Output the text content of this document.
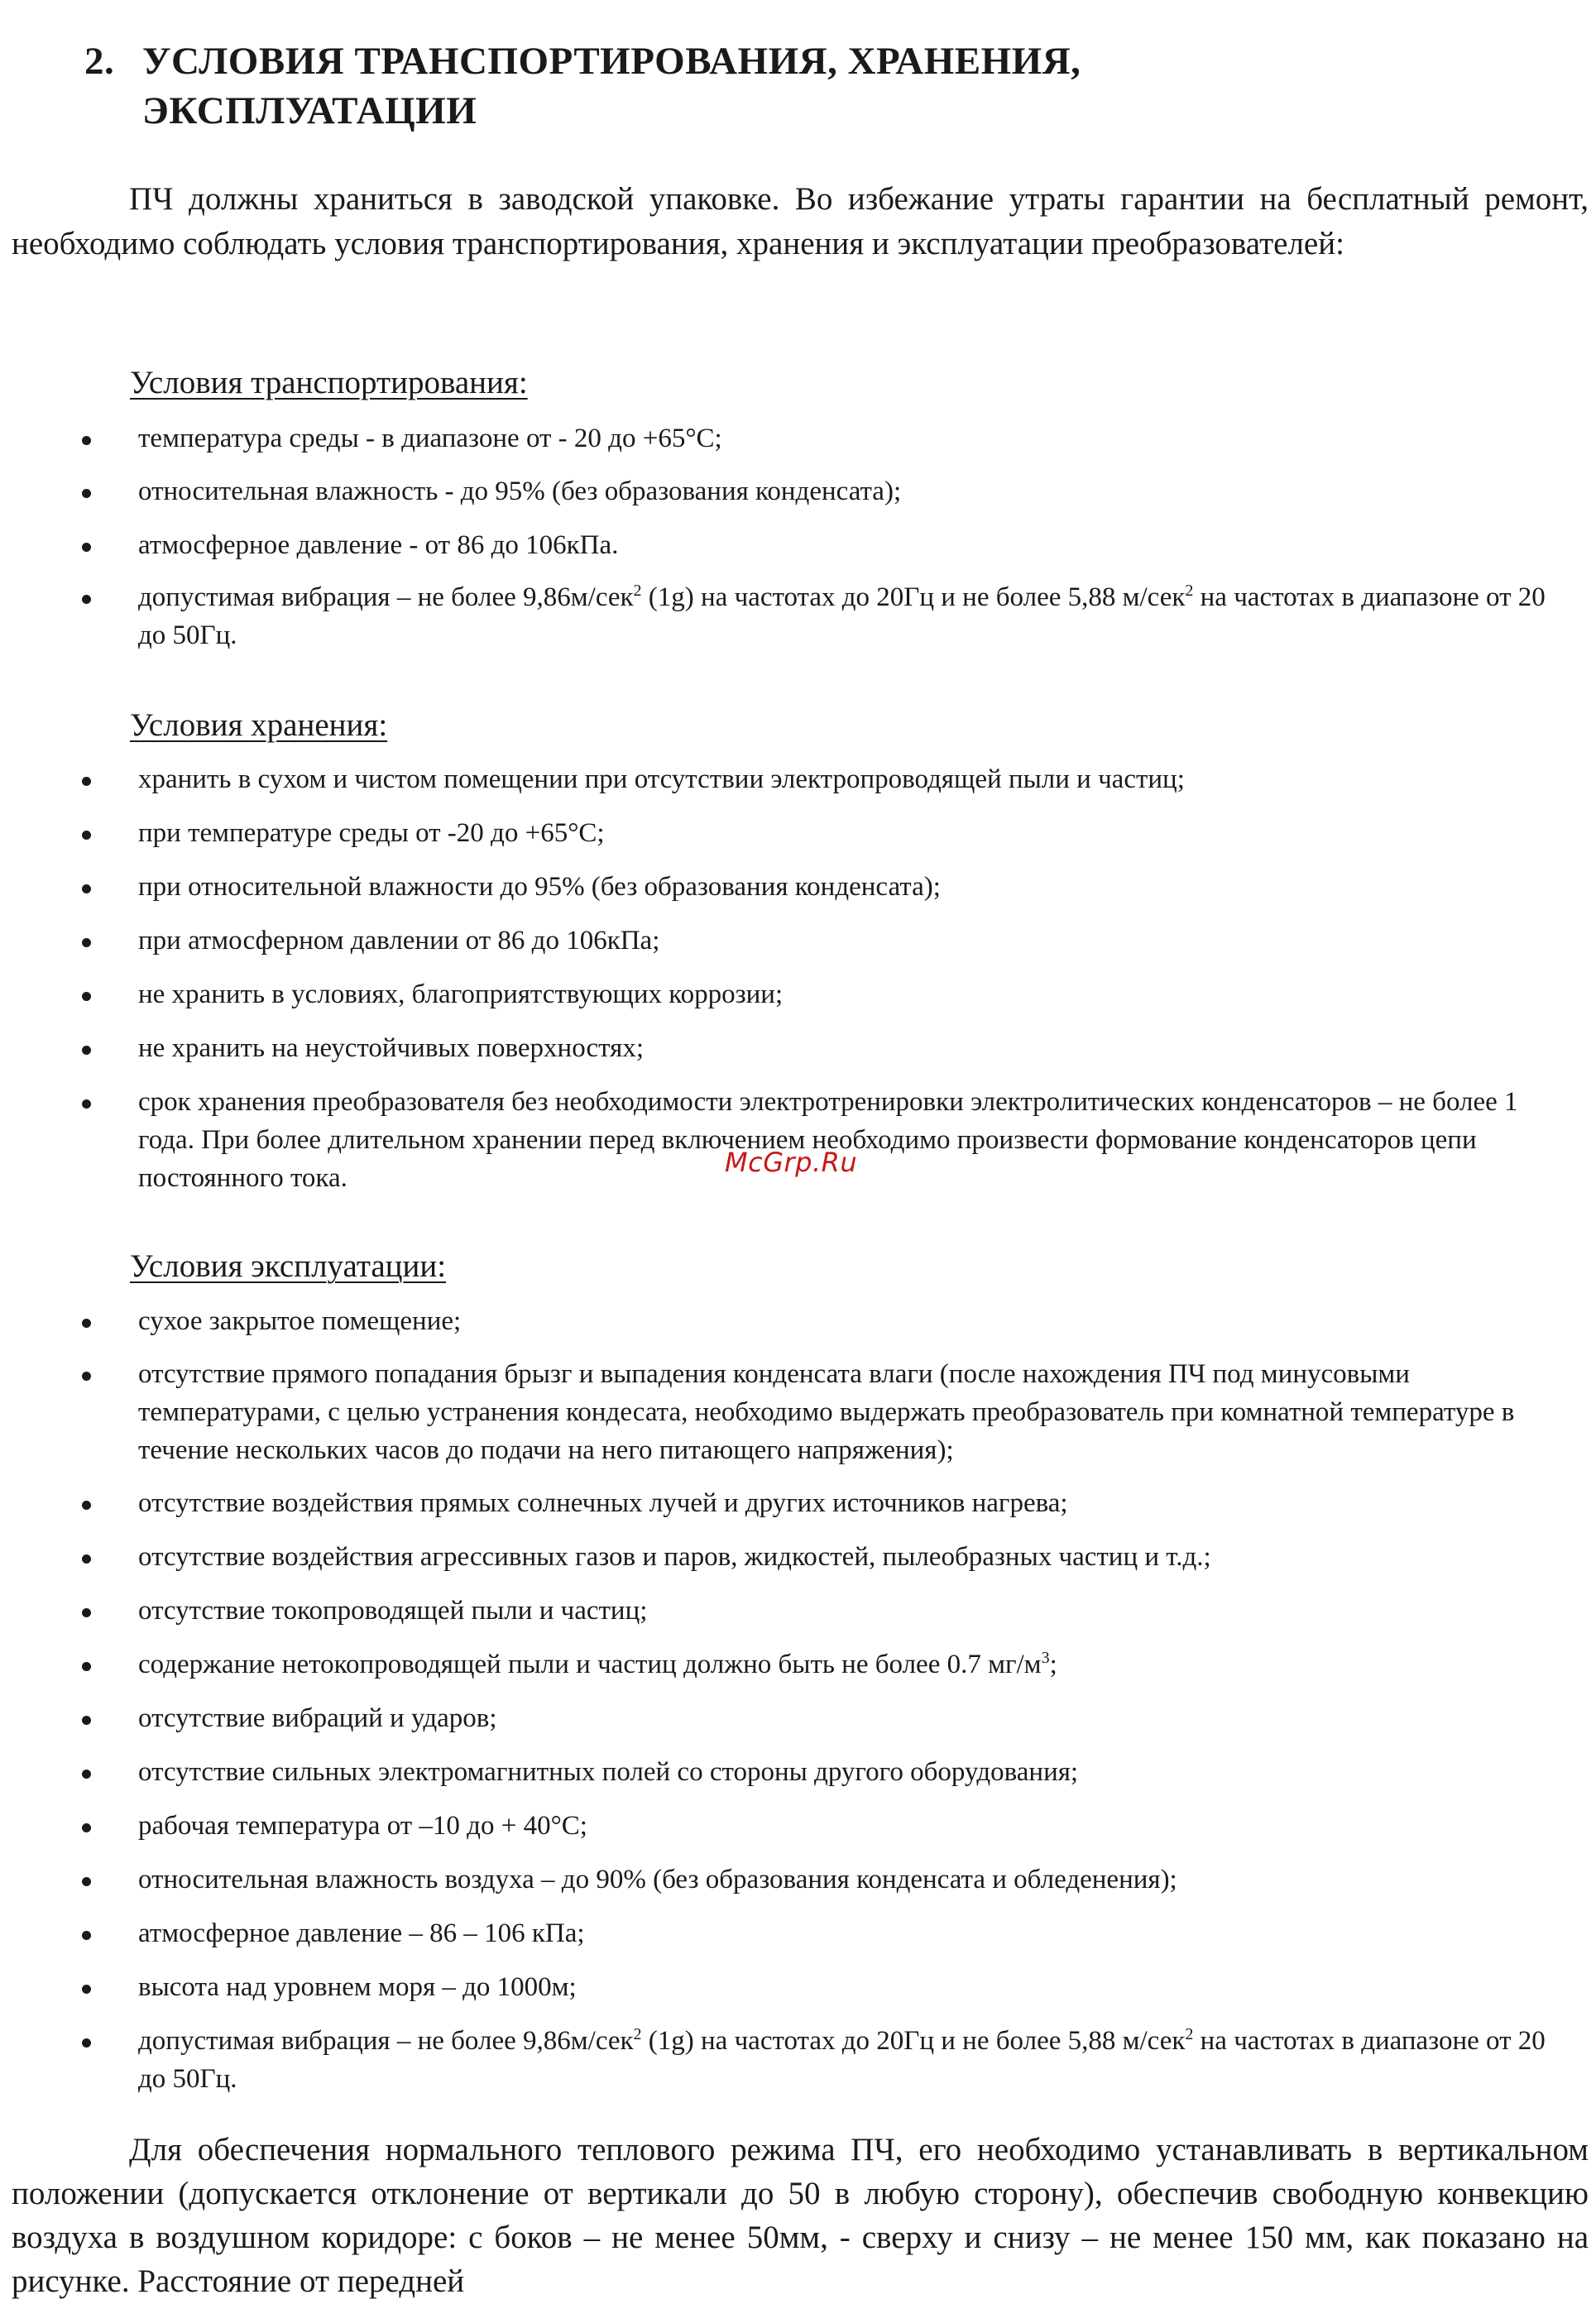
2. УСЛОВИЯ ТРАНСПОРТИРОВАНИЯ, ХРАНЕНИЯ,
ЭКСПЛУАТАЦИИ
ПЧ должны храниться в заводской упаковке. Во избежание утраты гарантии на бесплатный ремонт, необходимо соблюдать условия транспортирования, хранения и эксплуатации преобразователей:
Условия транспортирования:
температура среды - в диапазоне от - 20 до +65°С;
относительная влажность - до 95% (без образования конденсата);
атмосферное давление - от 86 до 106кПа.
допустимая вибрация – не более 9,86м/сек$^2$ (1g) на частотах до 20Гц и не более 5,88 м/сек$^2$ на частотах в диапазоне от 20 до 50Гц.
Условия хранения:
хранить в сухом и чистом помещении при отсутствии электропроводящей пыли и частиц;
при температуре среды от -20 до +65°С;
при относительной влажности до 95% (без образования конденсата);
при атмосферном давлении от 86 до 106кПа;
не хранить в условиях, благоприятствующих коррозии;
не хранить на неустойчивых поверхностях;
срок хранения преобразователя без необходимости электротренировки электролитических конденсаторов – не более 1 года. При более длительном хранении перед включением необходимо произвести формование конденсаторов цепи постоянного тока.
Условия эксплуатации:
сухое закрытое помещение;
отсутствие прямого попадания брызг и выпадения конденсата влаги (после нахождения ПЧ под минусовыми температурами, с целью устранения кондесата, необходимо выдержать преобразователь при комнатной температуре в течение нескольких часов до подачи на него питающего напряжения);
отсутствие воздействия прямых солнечных лучей и других источников нагрева;
отсутствие воздействия агрессивных газов и паров, жидкостей, пылеобразных частиц и т.д.;
отсутствие токопроводящей пыли и частиц;
содержание нетокопроводящей пыли и частиц должно быть не более 0.7 $мг/м^3$;
отсутствие вибраций и ударов;
отсутствие сильных электромагнитных полей со стороны другого оборудования;
рабочая температура от –10 до + 40°С;
относительная влажность воздуха – до 90% (без образования конденсата и обледенения);
атмосферное давление – 86 – 106 кПа;
высота над уровнем моря – до 1000м;
допустимая вибрация – не более 9,86м/сек$^2$ (1g) на частотах до 20Гц и не более 5,88 м/сек$^2$ на частотах в диапазоне от 20 до 50Гц.
Для обеспечения нормального теплового режима ПЧ, его необходимо устанавливать в вертикальном положении (допускается отклонение от вертикали до 50 в любую сторону), обеспечив свободную конвекцию воздуха в воздушном коридоре: с боков – не менее 50мм, - сверху и снизу – не менее 150 мм, как показано на рисунке. Расстояние от передней
McGrp.Ru
